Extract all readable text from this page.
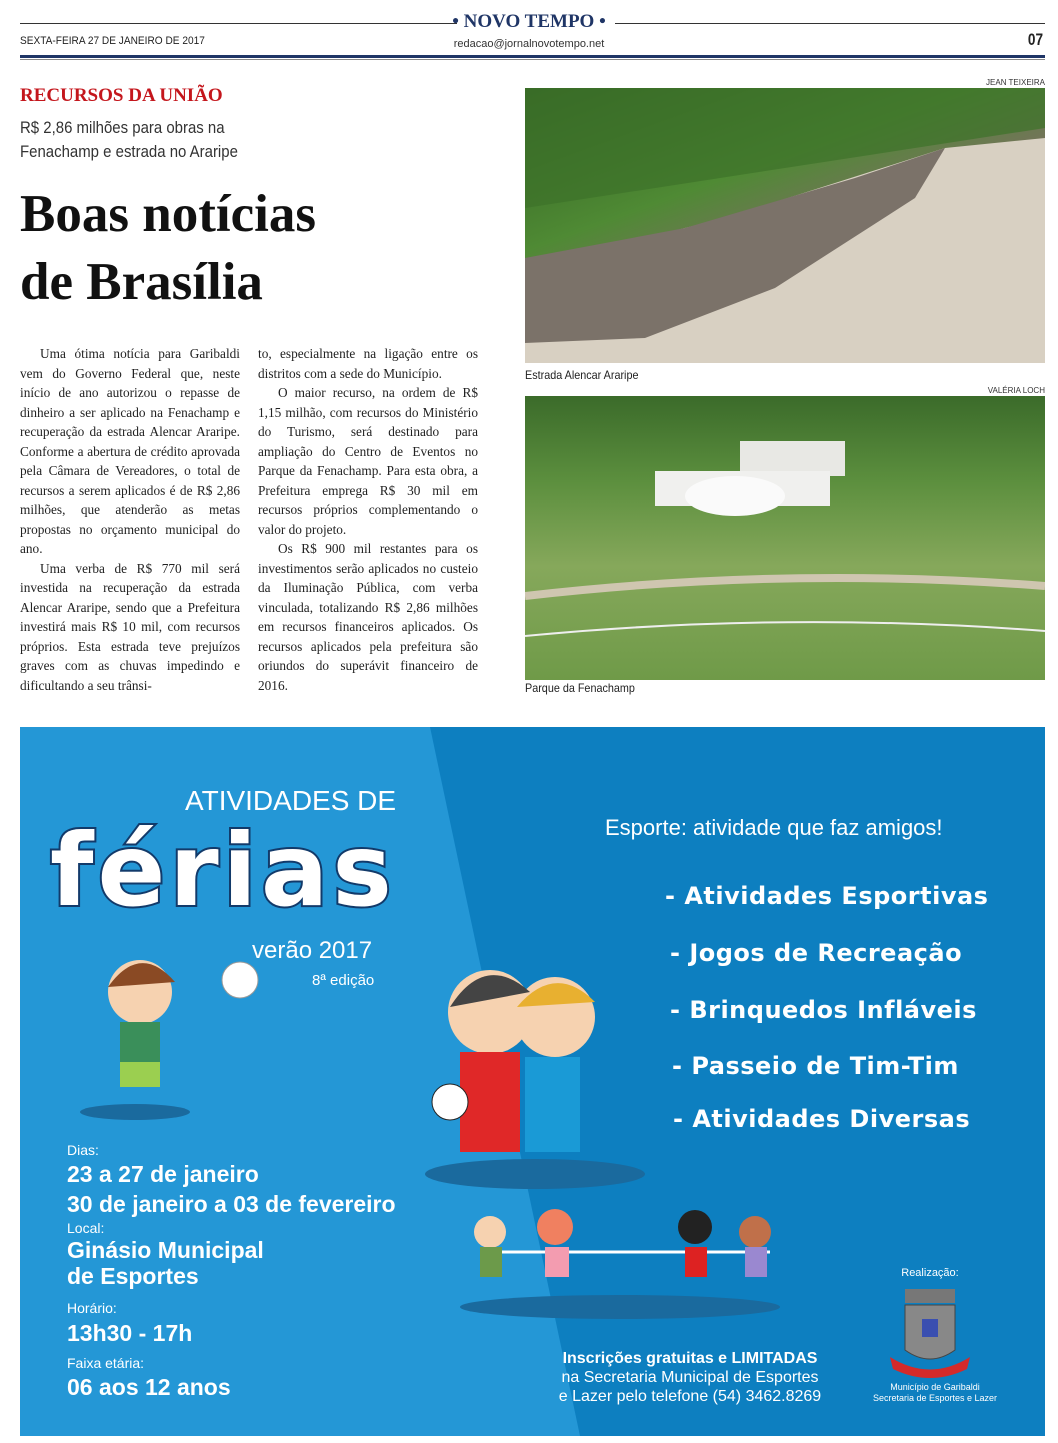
• NOVO TEMPO •
SEXTA-FEIRA 27 DE JANEIRO DE 2017	redacao@jornalnovotempo.net	07
RECURSOS DA UNIÃO
R$ 2,86 milhões para obras na
Fenachamp e estrada no Araripe
Boas notícias
de Brasília

Uma ótima notícia para Garibaldi vem do Governo Federal que, neste início de ano autorizou o repasse de dinheiro a ser aplicado na Fenachamp e recuperação da estrada Alencar Araripe. Conforme a abertura de crédito aprovada pela Câmara de Vereadores, o total de recursos a serem aplicados é de R$ 2,86 milhões, que atenderão as metas propostas no orçamento municipal do ano.

Uma verba de R$ 770 mil será investida na recuperação da estrada Alencar Araripe, sendo que a Prefeitura investirá mais R$ 10 mil, com recursos próprios. Esta estrada teve prejuízos graves com as chuvas impedindo e dificultando a seu trânsi-

to, especialmente na ligação entre os distritos com a sede do Município.

O maior recurso, na ordem de R$ 1,15 milhão, com recursos do Ministério do Turismo, será destinado para ampliação do Centro de Eventos no Parque da Fenachamp. Para esta obra, a Prefeitura emprega R$ 30 mil em recursos próprios complementando o valor do projeto.

Os R$ 900 mil restantes para os investimentos serão aplicados no custeio da Iluminação Pública, com verba vinculada, totalizando R$ 2,86 milhões em recursos financeiros aplicados. Os recursos aplicados pela prefeitura são oriundos do superávit financeiro de 2016.

JEAN TEIXEIRA
Estrada Alencar Araripe
VALÉRIA LOCH
Parque da Fenachamp
ATIVIDADES DE
férias
verão 2017
8ª edição
Esporte: atividade que faz amigos!
- Atividades Esportivas
- Jogos de Recreação
- Brinquedos Infláveis
- Passeio de Tim-Tim
- Atividades Diversas
Dias:
23 a 27 de janeiro
30 de janeiro a 03 de fevereiro
Local:
Ginásio Municipal
de Esportes
Horário:
13h30 - 17h
Faixa etária:
06 aos 12 anos
Inscrições gratuitas e LIMITADAS
na Secretaria Municipal de Esportes
e Lazer pelo telefone (54) 3462.8269
Realização:
Município de Garibaldi
Secretaria de Esportes e Lazer
